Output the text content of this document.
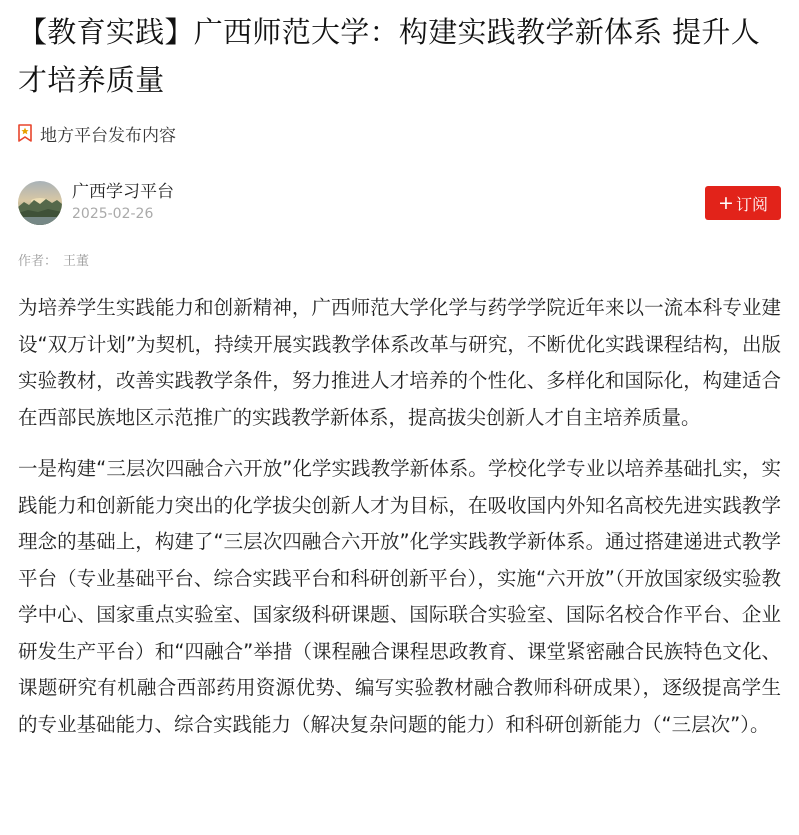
【教育实践】广西师范大学：构建实践教学新体系 提升人才培养质量
地方平台发布内容
广西学习平台
2025-02-26
+ 订阅
作者： 王董

为培养学生实践能力和创新精神，广西师范大学化学与药学学院近年来以一流本科专业建设“双万计划”为契机，持续开展实践教学体系改革与研究，不断优化实践课程结构，出版实验教材，改善实践教学条件，努力推进人才培养的个性化、多样化和国际化，构建适合在西部民族地区示范推广的实践教学新体系，提高拔尖创新人才自主培养质量。

一是构建“三层次四融合六开放”化学实践教学新体系。学校化学专业以培养基础扎实，实践能力和创新能力突出的化学拔尖创新人才为目标，在吸收国内外知名高校先进实践教学理念的基础上，构建了“三层次四融合六开放”化学实践教学新体系。通过搭建递进式教学平台（专业基础平台、综合实践平台和科研创新平台），实施“六开放”（开放国家级实验教学中心、国家重点实验室、国家级科研课题、国际联合实验室、国际名校合作平台、企业研发生产平台）和“四融合”举措（课程融合课程思政教育、课堂紧密融合民族特色文化、课题研究有机融合西部药用资源优势、编写实验教材融合教师科研成果），逐级提高学生的专业基础能力、综合实践能力（解决复杂问题的能力）和科研创新能力（“三层次”）。
